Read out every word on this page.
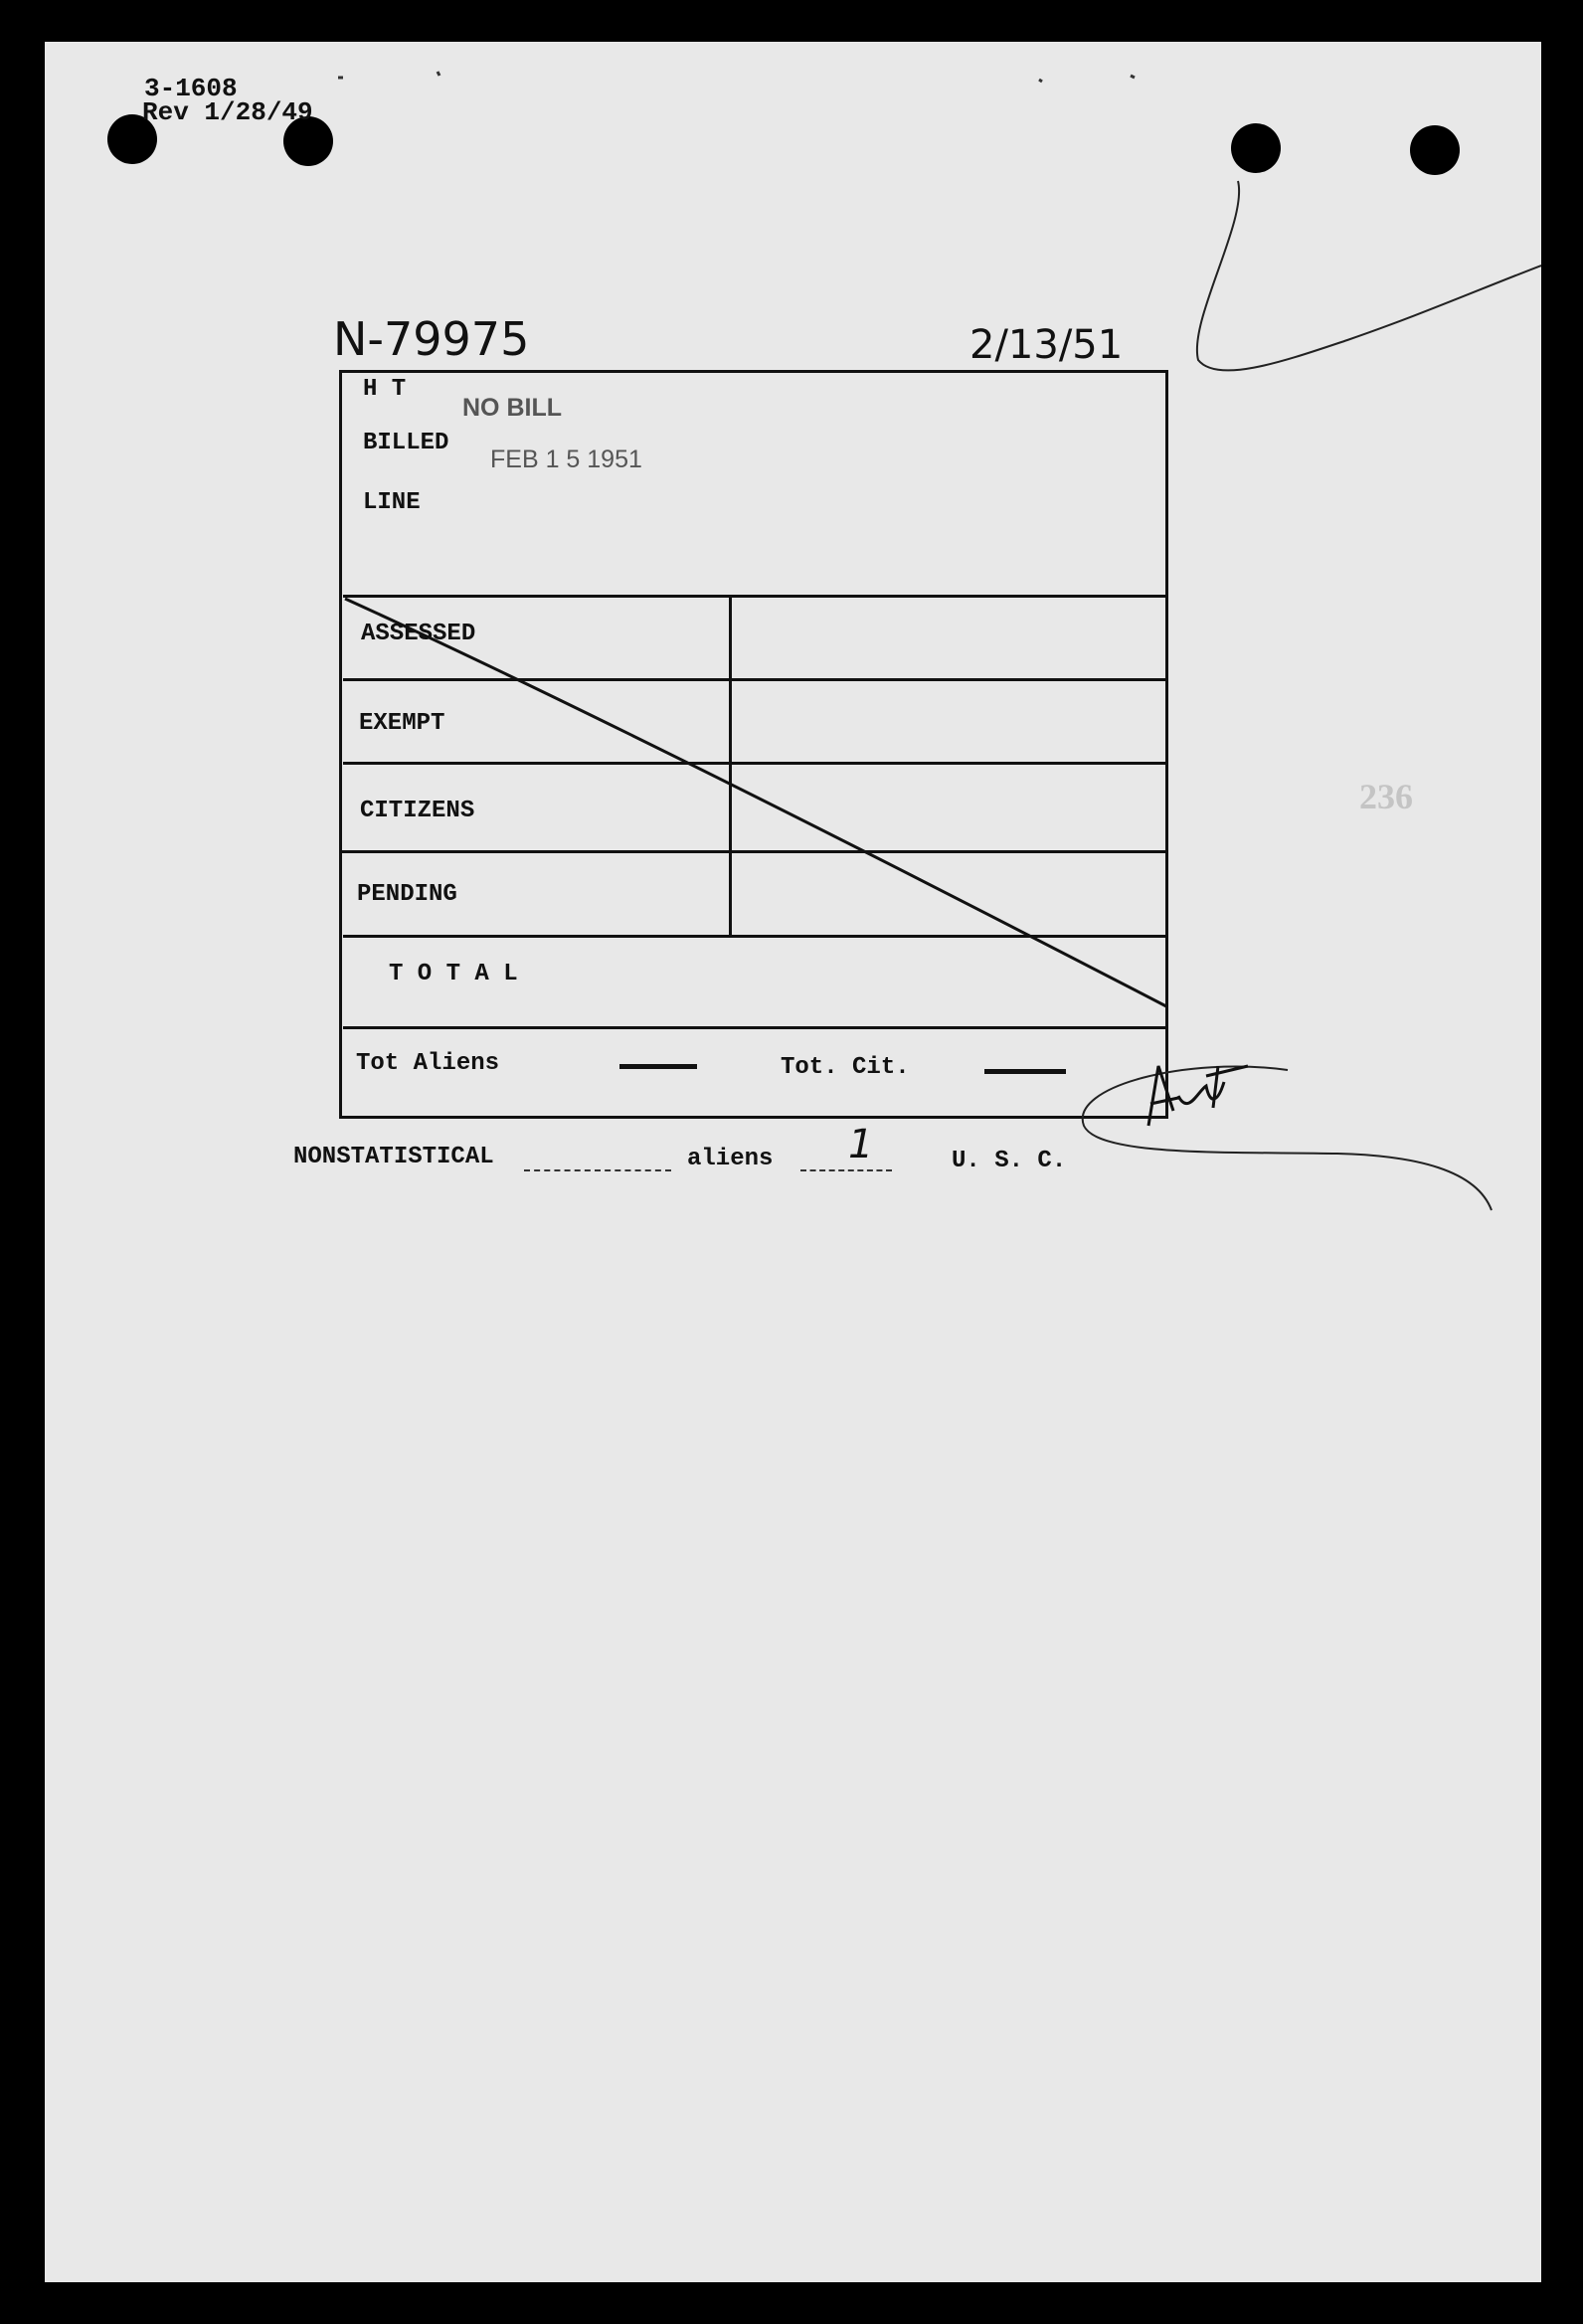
3-1608
Rev 1/28/49
N-79975	2/13/51
H T
BILLED
LINE
NO BILL
FEB 1 5 1951
ASSESSED
EXEMPT
CITIZENS
PENDING
T O T A L
Tot Aliens	Tot. Cit.
NONSTATISTICAL	aliens 1	U. S. C.
236
